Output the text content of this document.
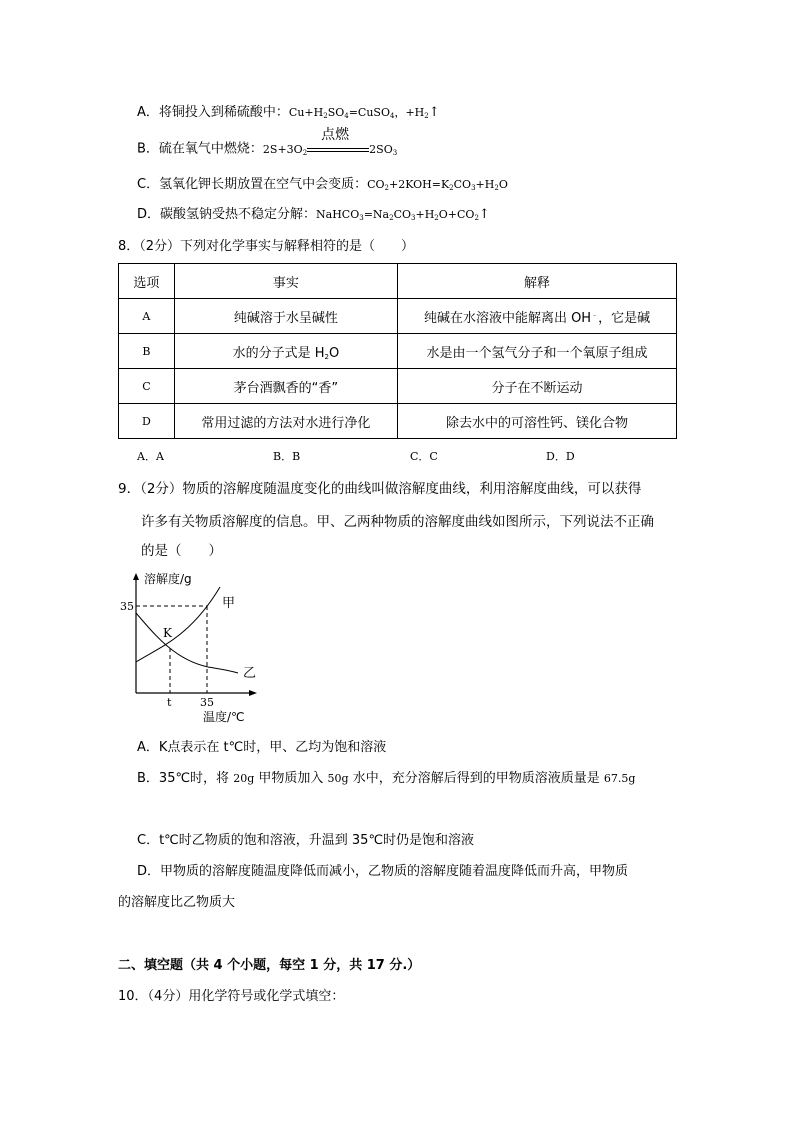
A．将铜投入到稀硫酸中：$Cu+H_2SO_4=CuSO_4$，$+H_2↑$
B．硫在氧气中燃烧：$2S+3O_2$
点燃
$2SO_3$
C．氢氧化钾长期放置在空气中会变质：$CO_2+2KOH=K_2CO_3+H_2O$
D．碳酸氢钠受热不稳定分解：$NaHCO_3=Na_2CO_3+H_2O+CO_2↑$
8．（2分）下列对化学事实与解释相符的是（　　）
选项	事实	解释
A	纯碱溶于水呈碱性	纯碱在水溶液中能解离出 OH﹣，它是碱
B	水的分子式是 $H_2O$	水是由一个氢气分子和一个氧原子组成
C	茅台酒飘香的“香”	分子在不断运动
D	常用过滤的方法对水进行净化	除去水中的可溶性钙、镁化合物
A．A	B．B	C．C	D．D
9．（2分）物质的溶解度随温度变化的曲线叫做溶解度曲线，利用溶解度曲线，可以获得
许多有关物质溶解度的信息。甲、乙两种物质的溶解度曲线如图所示，下列说法不正确
的是（　　）
溶解度/g
35
t	35
温度/℃
K
甲
乙
A．K点表示在 t℃时，甲、乙均为饱和溶液
B．35℃时，将 20g 甲物质加入 50g 水中，充分溶解后得到的甲物质溶液质量是 67.5g
C．t℃时乙物质的饱和溶液，升温到 35℃时仍是饱和溶液
D．甲物质的溶解度随温度降低而减小，乙物质的溶解度随着温度降低而升高，甲物质
的溶解度比乙物质大
二、填空题（共 4 个小题，每空 1 分，共 17 分.）
10．（4分）用化学符号或化学式填空：
